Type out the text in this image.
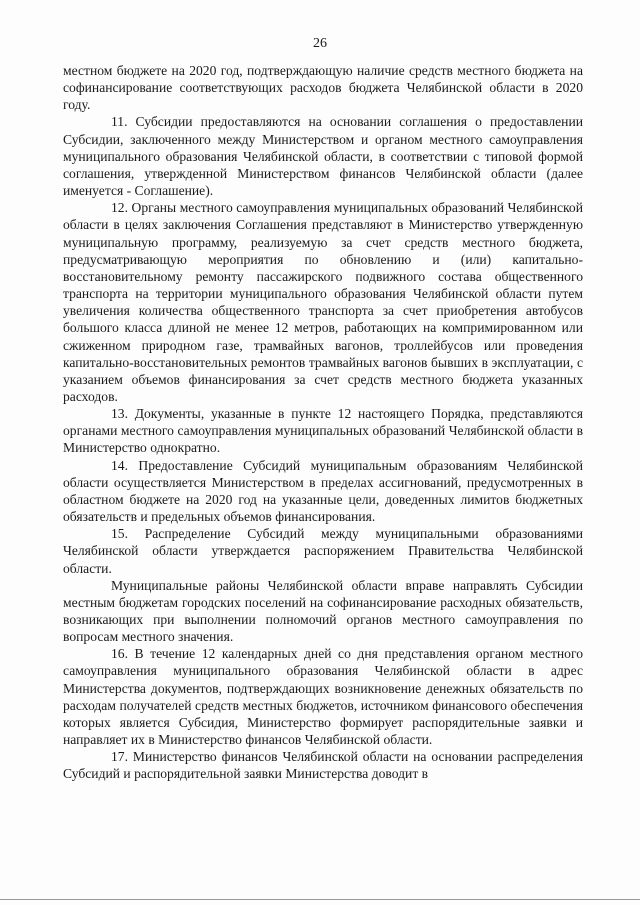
26

местном бюджете на 2020 год, подтверждающую наличие средств местного бюджета на софинансирование соответствующих расходов бюджета Челябинской области в 2020 году.

11. Субсидии предоставляются на основании соглашения о предоставлении Субсидии, заключенного между Министерством и органом местного самоуправления муниципального образования Челябинской области, в соответствии с типовой формой соглашения, утвержденной Министерством финансов Челябинской области (далее именуется - Соглашение).

12. Органы местного самоуправления муниципальных образований Челябинской области в целях заключения Соглашения представляют в Министерство утвержденную муниципальную программу, реализуемую за счет средств местного бюджета, предусматривающую мероприятия по обновлению и (или) капитально-восстановительному ремонту пассажирского подвижного состава общественного транспорта на территории муниципального образования Челябинской области путем увеличения количества общественного транспорта за счет приобретения автобусов большого класса длиной не менее 12 метров, работающих на компримированном или сжиженном природном газе, трамвайных вагонов, троллейбусов или проведения капитально-восстановительных ремонтов трамвайных вагонов бывших в эксплуатации, с указанием объемов финансирования за счет средств местного бюджета указанных расходов.

13. Документы, указанные в пункте 12 настоящего Порядка, представляются органами местного самоуправления муниципальных образований Челябинской области в Министерство однократно.

14. Предоставление Субсидий муниципальным образованиям Челябинской области осуществляется Министерством в пределах ассигнований, предусмотренных в областном бюджете на 2020 год на указанные цели, доведенных лимитов бюджетных обязательств и предельных объемов финансирования.

15. Распределение Субсидий между муниципальными образованиями Челябинской области утверждается распоряжением Правительства Челябинской области.

Муниципальные районы Челябинской области вправе направлять Субсидии местным бюджетам городских поселений на софинансирование расходных обязательств, возникающих при выполнении полномочий органов местного самоуправления по вопросам местного значения.

16. В течение 12 календарных дней со дня представления органом местного самоуправления муниципального образования Челябинской области в адрес Министерства документов, подтверждающих возникновение денежных обязательств по расходам получателей средств местных бюджетов, источником финансового обеспечения которых является Субсидия, Министерство формирует распорядительные заявки и направляет их в Министерство финансов Челябинской области.

17. Министерство финансов Челябинской области на основании распределения Субсидий и распорядительной заявки Министерства доводит в
